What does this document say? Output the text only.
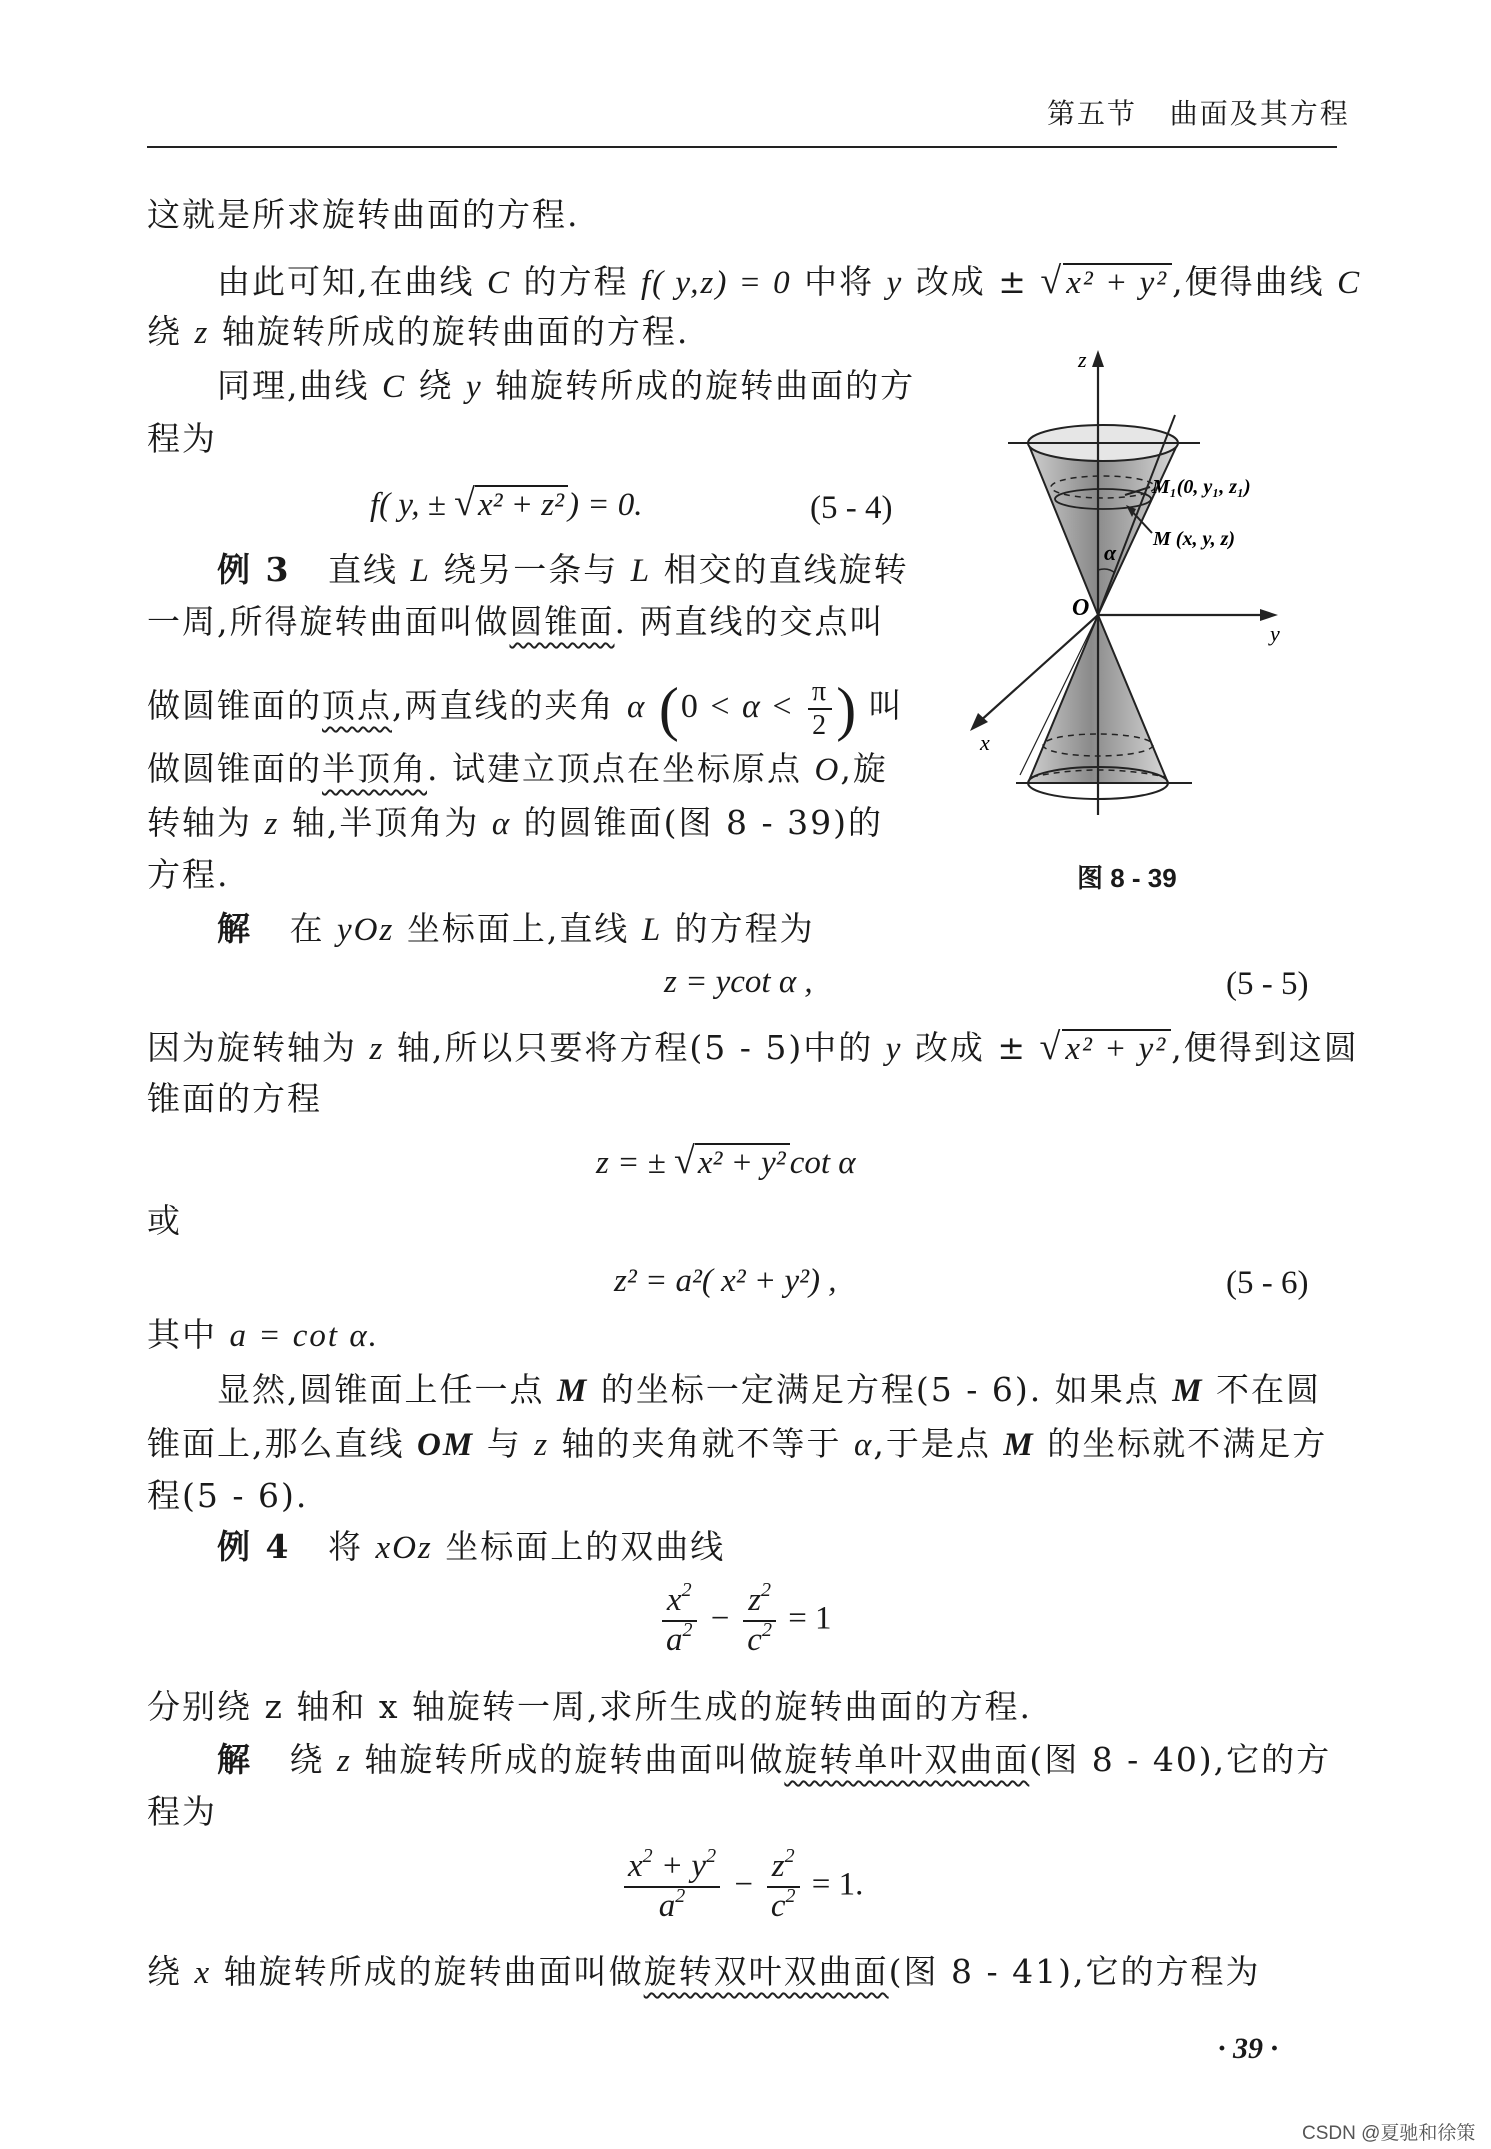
第五节 曲面及其方程
这就是所求旋转曲面的方程.
由此可知,在曲线 C 的方程 f( y,z) = 0 中将 y 改成 ± √x² + y² ,便得曲线 C
绕 z 轴旋转所成的旋转曲面的方程.
同理,曲线 C 绕 y 轴旋转所成的旋转曲面的方
程为
f( y, ± √x² + z² ) = 0.	(5 - 4)
例 3 直线 L 绕另一条与 L 相交的直线旋转
一周,所得旋转曲面叫做圆锥面. 两直线的交点叫
做圆锥面的顶点,两直线的夹角 α ($0 < \alpha < \frac{\pi}{2}$ ) 叫
做圆锥面的半顶角. 试建立顶点在坐标原点 O,旋
转轴为 z 轴,半顶角为 α 的圆锥面(图 8 - 39)的
方程.
z
y
x
O
α
M₁(0, y₁, z₁)
M (x, y, z)
图 8 - 39
解 在 yOz 坐标面上,直线 L 的方程为
z = ycot α ,	(5 - 5)
因为旋转轴为 z 轴,所以只要将方程(5 - 5)中的 y 改成 ± √x² + y² ,便得到这圆
锥面的方程
z = ± √x² + y² cot α
或
z² = a²( x² + y²) ,	(5 - 6)
其中 a = cot α.
显然,圆锥面上任一点 M 的坐标一定满足方程(5 - 6). 如果点 M 不在圆
锥面上,那么直线 OM 与 z 轴的夹角就不等于 α,于是点 M 的坐标就不满足方
程(5 - 6).
例 4 将 xOz 坐标面上的双曲线
$\frac{x^2}{a^2} - \frac{z^2}{c^2} = 1$
分别绕 z 轴和 x 轴旋转一周,求所生成的旋转曲面的方程.
解 绕 z 轴旋转所成的旋转曲面叫做旋转单叶双曲面(图 8 - 40),它的方
程为
$\frac{x^2 + y^2}{a^2} - \frac{z^2}{c^2} = 1$.
绕 x 轴旋转所成的旋转曲面叫做旋转双叶双曲面(图 8 - 41),它的方程为
· 39 ·
CSDN @夏驰和徐策
